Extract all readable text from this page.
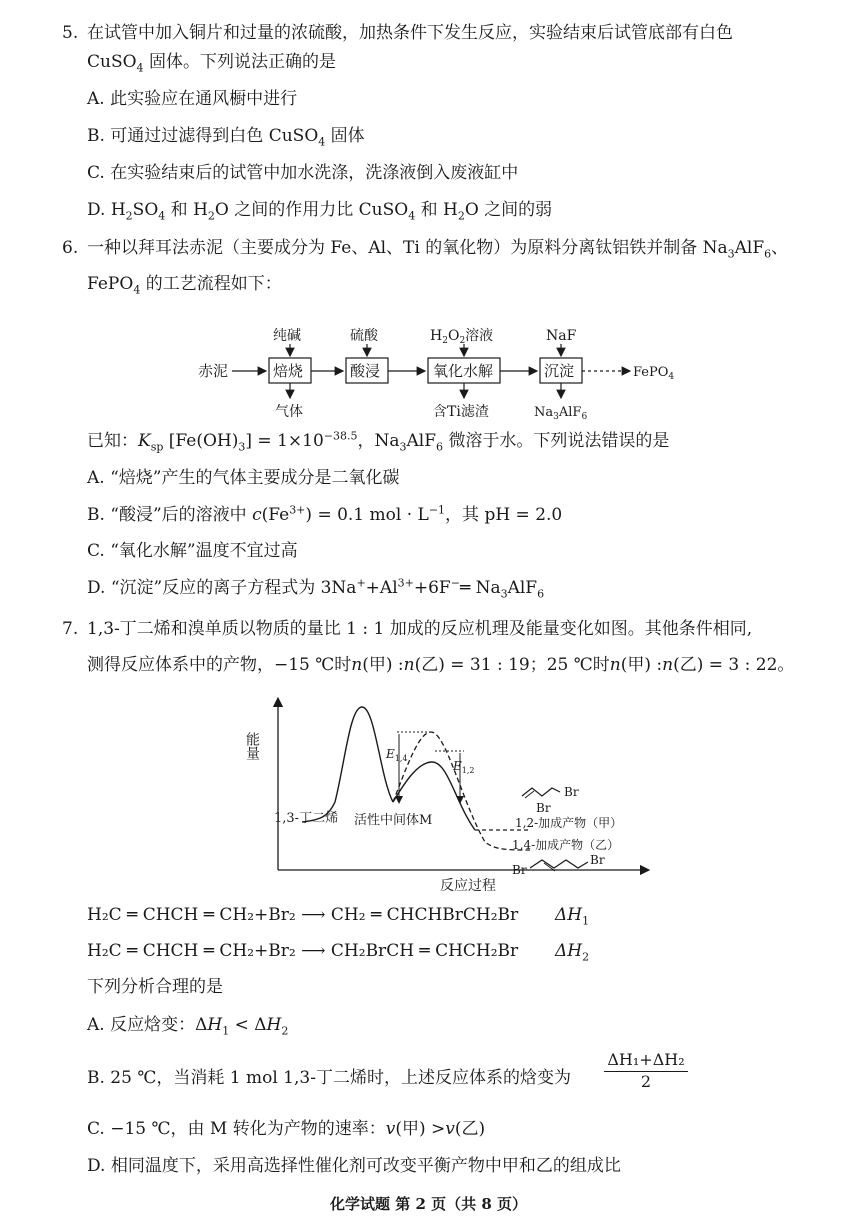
5. 在试管中加入铜片和过量的浓硫酸，加热条件下发生反应，实验结束后试管底部有白色
CuSO$_4$ 固体。下列说法正确的是
A. 此实验应在通风橱中进行
B. 可通过过滤得到白色 CuSO$_4$ 固体
C. 在实验结束后的试管中加水洗涤，洗涤液倒入废液缸中
D. $H_2SO_4$ 和 $H_2O$ 之间的作用力比 CuSO$_4$ 和 $H_2O$ 之间的弱
6. 一种以拜耳法赤泥（主要成分为 Fe、Al、Ti 的氧化物）为原料分离钛铝铁并制备 $Na_3AlF_6$、
FePO$_4$ 的工艺流程如下：
赤泥	焙烧	酸浸	氧化水解	沉淀	FePO$_4$
纯碱	硫酸	$H_2O_2$溶液	NaF
气体	含Ti滤渣	$Na_3AlF_6$
已知：$K_{sp}$ $[Fe(OH)_3] = 1\times 10^{-38.5}$，$Na_3AlF_6$ 微溶于水。下列说法错误的是
A. “焙烧”产生的气体主要成分是二氧化碳
B. “酸浸”后的溶液中 $c(Fe^{3+}) = 0.1$ mol · $L^{-1}$，其 pH = 2.0
C. “氧化水解”温度不宜过高
D. “沉淀”反应的离子方程式为 $3Na^++Al^{3+}+6F^-═$ $Na_3AlF_6$
7. 1,3-丁二烯和溴单质以物质的量比 1 : 1 加成的反应机理及能量变化如图。其他条件相同,
测得反应体系中的产物，−15 ℃时n(甲) :n(乙) = 31 : 19；25 ℃时n(甲) :n(乙) = 3 : 22。
能量
反应过程
$E_{1,4}$
$E_{1,2}$
活性中间体M
1,3-丁二烯	1,2-加成产物（甲）
1,4-加成产物（乙）
Br
Br
Br
Br
H₂C ═ CHCH ═ CH₂+Br₂ ⟶ CH₂ ═ CHCHBrCH₂Br $\Delta H_1$
H₂C ═ CHCH ═ CH₂+Br₂ ⟶ CH₂BrCH ═ CHCH₂Br $\Delta H_2$
下列分析合理的是
A. 反应焓变：$\Delta H_1 < \Delta H_2$
B. 25 ℃，当消耗 1 mol 1,3-丁二烯时，上述反应体系的焓变为 $\frac{\text{ΔH₁+ΔH₂}}{2}$
C. −15 ℃，由 M 转化为产物的速率：v(甲) >v(乙)
D. 相同温度下，采用高选择性催化剂可改变平衡产物中甲和乙的组成比
化学试题 第 2 页（共 8 页）
